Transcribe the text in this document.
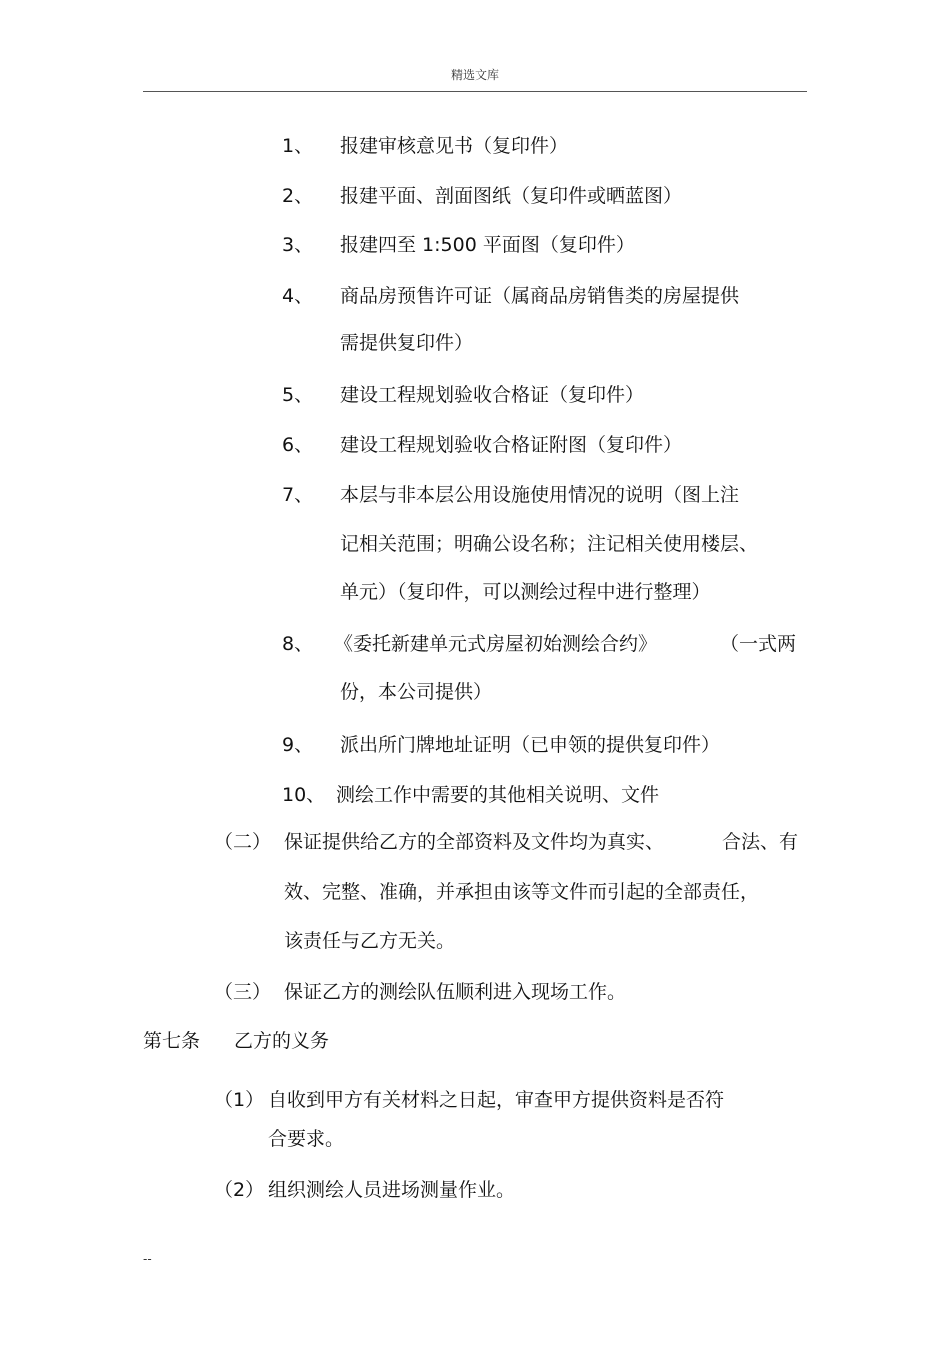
精选文库
1、 报建审核意见书（复印件）
2、 报建平面、剖面图纸（复印件或晒蓝图）
3、 报建四至 1:500 平面图（复印件）
4、 商品房预售许可证（属商品房销售类的房屋提供
需提供复印件）
5、 建设工程规划验收合格证（复印件）
6、 建设工程规划验收合格证附图（复印件）
7、 本层与非本层公用设施使用情况的说明（图上注
记相关范围；明确公设名称；注记相关使用楼层、
单元）（复印件，可以测绘过程中进行整理）
8、 《委托新建单元式房屋初始测绘合约》	（一式两
份，本公司提供）
9、 派出所门牌地址证明（已申领的提供复印件）
10、 测绘工作中需要的其他相关说明、文件
（二） 保证提供给乙方的全部资料及文件均为真实、	合法、有
效、完整、准确，并承担由该等文件而引起的全部责任，
该责任与乙方无关。
（三） 保证乙方的测绘队伍顺利进入现场工作。
第七条 乙方的义务
（1） 自收到甲方有关材料之日起，审查甲方提供资料是否符
合要求。
（2） 组织测绘人员进场测量作业。
--
